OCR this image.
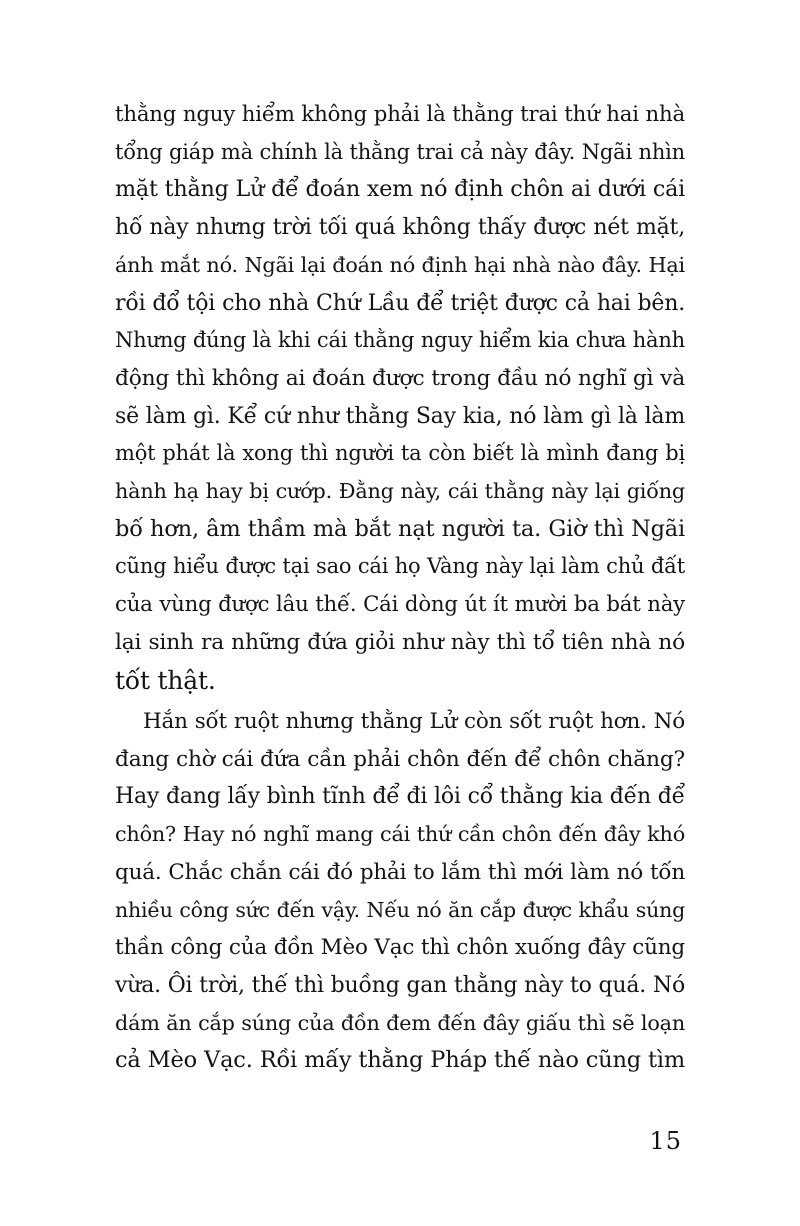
thằng nguy hiểm không phải là thằng trai thứ hai nhà
tổng giáp mà chính là thằng trai cả này đây. Ngãi nhìn
mặt thằng Lử để đoán xem nó định chôn ai dưới cái
hố này nhưng trời tối quá không thấy được nét mặt,
ánh mắt nó. Ngãi lại đoán nó định hại nhà nào đây. Hại
rồi đổ tội cho nhà Chứ Lầu để triệt được cả hai bên.
Nhưng đúng là khi cái thằng nguy hiểm kia chưa hành
động thì không ai đoán được trong đầu nó nghĩ gì và
sẽ làm gì. Kể cứ như thằng Say kia, nó làm gì là làm
một phát là xong thì người ta còn biết là mình đang bị
hành hạ hay bị cướp. Đằng này, cái thằng này lại giống
bố hơn, âm thầm mà bắt nạt người ta. Giờ thì Ngãi
cũng hiểu được tại sao cái họ Vàng này lại làm chủ đất
của vùng được lâu thế. Cái dòng út ít mười ba bát này
lại sinh ra những đứa giỏi như này thì tổ tiên nhà nó
tốt thật.
Hắn sốt ruột nhưng thằng Lử còn sốt ruột hơn. Nó
đang chờ cái đứa cần phải chôn đến để chôn chăng?
Hay đang lấy bình tĩnh để đi lôi cổ thằng kia đến để
chôn? Hay nó nghĩ mang cái thứ cần chôn đến đây khó
quá. Chắc chắn cái đó phải to lắm thì mới làm nó tốn
nhiều công sức đến vậy. Nếu nó ăn cắp được khẩu súng
thần công của đồn Mèo Vạc thì chôn xuống đây cũng
vừa. Ôi trời, thế thì buồng gan thằng này to quá. Nó
dám ăn cắp súng của đồn đem đến đây giấu thì sẽ loạn
cả Mèo Vạc. Rồi mấy thằng Pháp thế nào cũng tìm
15
